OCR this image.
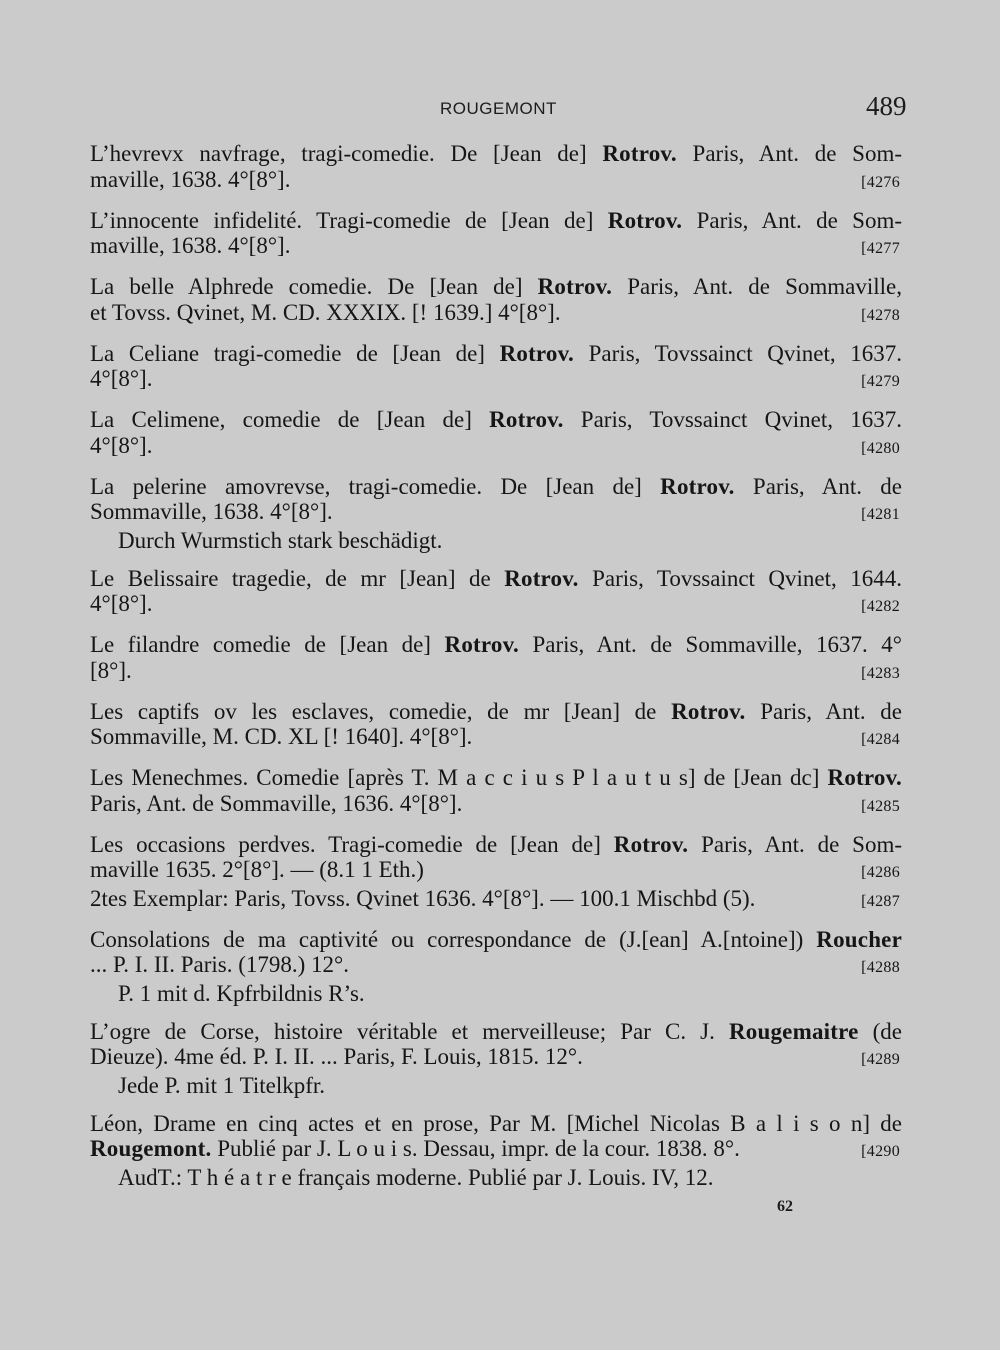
ROUGEMONT	489
L’hevrevx navfrage, tragi-comedie. De [Jean de] Rotrov. Paris, Ant. de Som-
maville, 1638. 4°[8°].	[4276
L’innocente infidelité. Tragi-comedie de [Jean de] Rotrov. Paris, Ant. de Som-
maville, 1638. 4°[8°].	[4277
La belle Alphrede comedie. De [Jean de] Rotrov. Paris, Ant. de Sommaville,
et Tovss. Qvinet, M. CD. XXXIX. [! 1639.] 4°[8°].	[4278
La Celiane tragi-comedie de [Jean de] Rotrov. Paris, Tovssainct Qvinet, 1637.
4°[8°].	[4279
La Celimene, comedie de [Jean de] Rotrov. Paris, Tovssainct Qvinet, 1637.
4°[8°].	[4280
La pelerine amovrevse, tragi-comedie. De [Jean de] Rotrov. Paris, Ant. de
Sommaville, 1638. 4°[8°].	[4281
Durch Wurmstich stark beschädigt.
Le Belissaire tragedie, de mr [Jean] de Rotrov. Paris, Tovssainct Qvinet, 1644.
4°[8°].	[4282
Le filandre comedie de [Jean de] Rotrov. Paris, Ant. de Sommaville, 1637. 4°
[8°].	[4283
Les captifs ov les esclaves, comedie, de mr [Jean] de Rotrov. Paris, Ant. de
Sommaville, M. CD. XL [! 1640]. 4°[8°].	[4284
Les Menechmes. Comedie [après T. M a c c i u s P l a u t u s] de [Jean dc] Rotrov.
Paris, Ant. de Sommaville, 1636. 4°[8°].	[4285
Les occasions perdves. Tragi-comedie de [Jean de] Rotrov. Paris, Ant. de Som-
maville 1635. 2°[8°]. — (8.1 1 Eth.)	[4286
2tes Exemplar: Paris, Tovss. Qvinet 1636. 4°[8°]. — 100.1 Mischbd (5).	[4287
Consolations de ma captivité ou correspondance de (J.[ean] A.[ntoine]) Roucher
... P. I. II. Paris. (1798.) 12°.	[4288
P. 1 mit d. Kpfrbildnis R’s.
L’ogre de Corse, histoire véritable et merveilleuse; Par C. J. Rougemaitre (de
Dieuze). 4me éd. P. I. II. ... Paris, F. Louis, 1815. 12°.	[4289
Jede P. mit 1 Titelkpfr.
Léon, Drame en cinq actes et en prose, Par M. [Michel Nicolas B a l i s o n] de
Rougemont. Publié par J. L o u i s. Dessau, impr. de la cour. 1838. 8°.	[4290
AudT.: T h é a t r e français moderne. Publié par J. Louis. IV, 12.
62
